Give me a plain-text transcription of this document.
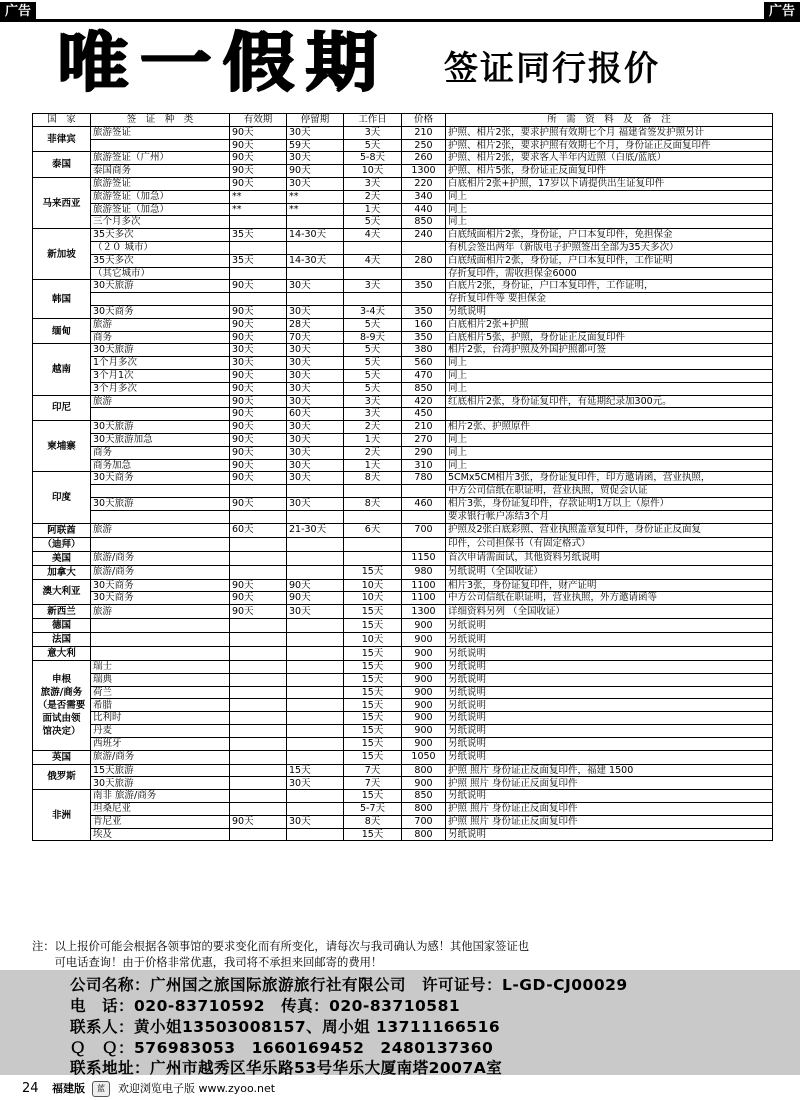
广告	广告
唯一假期 签证同行报价
国　家	签　证　种　类	有效期	停留期	工作日	价格	所　需　资　料　及　备　注
菲律宾	旅游签证	90天	30天	3天	210	护照、相片2张，要求护照有效期七个月 福建省签发护照另计
		90天	59天	5天	250	护照、相片2张，要求护照有效期七个月，身份证正反面复印件
泰国	旅游签证（广州）	90天	30天	5-8天	260	护照、相片2张，要求客人半年内近照（白底/蓝底）
	泰国商务	90天	90天	10天	1300	护照、相片5张，身份证正反面复印件
马来西亚	旅游签证	90天	30天	3天	220	白底相片2张+护照，17岁以下请提供出生证复印件
	旅游签证（加急）	**	**	2天	340	同上
	旅游签证（加急）	**	**	1天	440	同上
	三个月多次			5天	850	同上
新加坡	35天多次	35天	14-30天	4天	240	白底绒面相片2张，身份证，户口本复印件，免担保金
	（２０ 城市）					有机会签出两年（新版电子护照签出全部为35天多次）
	35天多次	35天	14-30天	4天	280	白底绒面相片2张，身份证，户口本复印件，工作证明
	（其它城市）					存折复印件，需收担保金6000
韩国	30天旅游	90天	30天	3天	350	白底片2张，身份证，户口本复印件，工作证明，
						存折复印件等 要担保金
	30天商务	90天	30天	3-4天	350	另纸说明
缅甸	旅游	90天	28天	5天	160	白底相片2张+护照
	商务	90天	70天	8-9天	350	白底相片5张，护照，身份证正反面复印件
越南	30天旅游	30天	30天	5天	380	相片2张，台湾护照及外国护照都可签
	1个月多次	30天	30天	5天	560	同上
	3个月1次	90天	30天	5天	470	同上
	3个月多次	90天	30天	5天	850	同上
印尼	旅游	90天	30天	3天	420	红底相片2张，身份证复印件，有延期纪录加300元。
		90天	60天	3天	450	
柬埔寨	30天旅游	90天	30天	2天	210	相片2张、护照原件
	30天旅游加急	90天	30天	1天	270	同上
	商务	90天	30天	2天	290	同上
	商务加急	90天	30天	1天	310	同上
印度	30天商务	90天	30天	8天	780	5CMx5CM相片3张，身份证复印件，印方邀请函，营业执照，
						中方公司信纸在职证明，营业执照，贸促会认证
	30天旅游	90天	30天	8天	460	相片3张，身份证复印件，存款证明1万以上（原件）
						要求银行帐户冻结3个月
阿联酋	旅游	60天	21-30天	6天	700	护照及2张白底彩照、营业执照盖章复印件，身份证正反面复
（迪拜）						印件，公司担保书（有固定格式）
美国	旅游/商务				1150	首次申请需面试，其他资料另纸说明
加拿大	旅游/商务			15天	980	另纸说明（全国收证）
澳大利亚	30天商务	90天	90天	10天	1100	相片3张，身份证复印件，财产证明
	30天商务	90天	90天	10天	1100	中方公司信纸在职证明，营业执照，外方邀请函等
新西兰	旅游	90天	30天	15天	1300	详细资料另列 （全国收证）
德国				15天	900	另纸说明
法国				10天	900	另纸说明
意大利				15天	900	另纸说明
申根
旅游/商务
（是否需要
面试由领
馆决定）	瑞士			15天	900	另纸说明
	瑞典			15天	900	另纸说明
	荷兰			15天	900	另纸说明
	希腊			15天	900	另纸说明
	比利时			15天	900	另纸说明
	丹麦			15天	900	另纸说明
	西班牙			15天	900	另纸说明
英国	旅游/商务			15天	1050	另纸说明
俄罗斯	15天旅游		15天	7天	800	护照 照片 身份证正反面复印件，福建 1500
	30天旅游		30天	7天	900	护照 照片 身份证正反面复印件
非洲	南非 旅游/商务			15天	850	另纸说明
	坦桑尼亚			5-7天	800	护照 照片 身份证正反面复印件
	肯尼亚	90天	30天	8天	700	护照 照片 身份证正反面复印件
	埃及			15天	800	另纸说明
注：以上报价可能会根据各领事馆的要求变化而有所变化，请每次与我司确认为感！其他国家签证也
　　可电话查询！由于价格非常优惠，我司将不承担来回邮寄的费用！
公司名称：广州国之旅国际旅游旅行社有限公司　许可证号：L-GD-CJ00029
电　话：020-83710592　传真：020-83710581
联系人：黄小姐13503008157、周小姐 13711166516
Ｑ　Ｑ：576983053　1660169452　2480137360
联系地址：广州市越秀区华乐路53号华乐大厦南塔2007A室
24 福建版	蓝	欢迎浏览电子版 www.zyoo.net
